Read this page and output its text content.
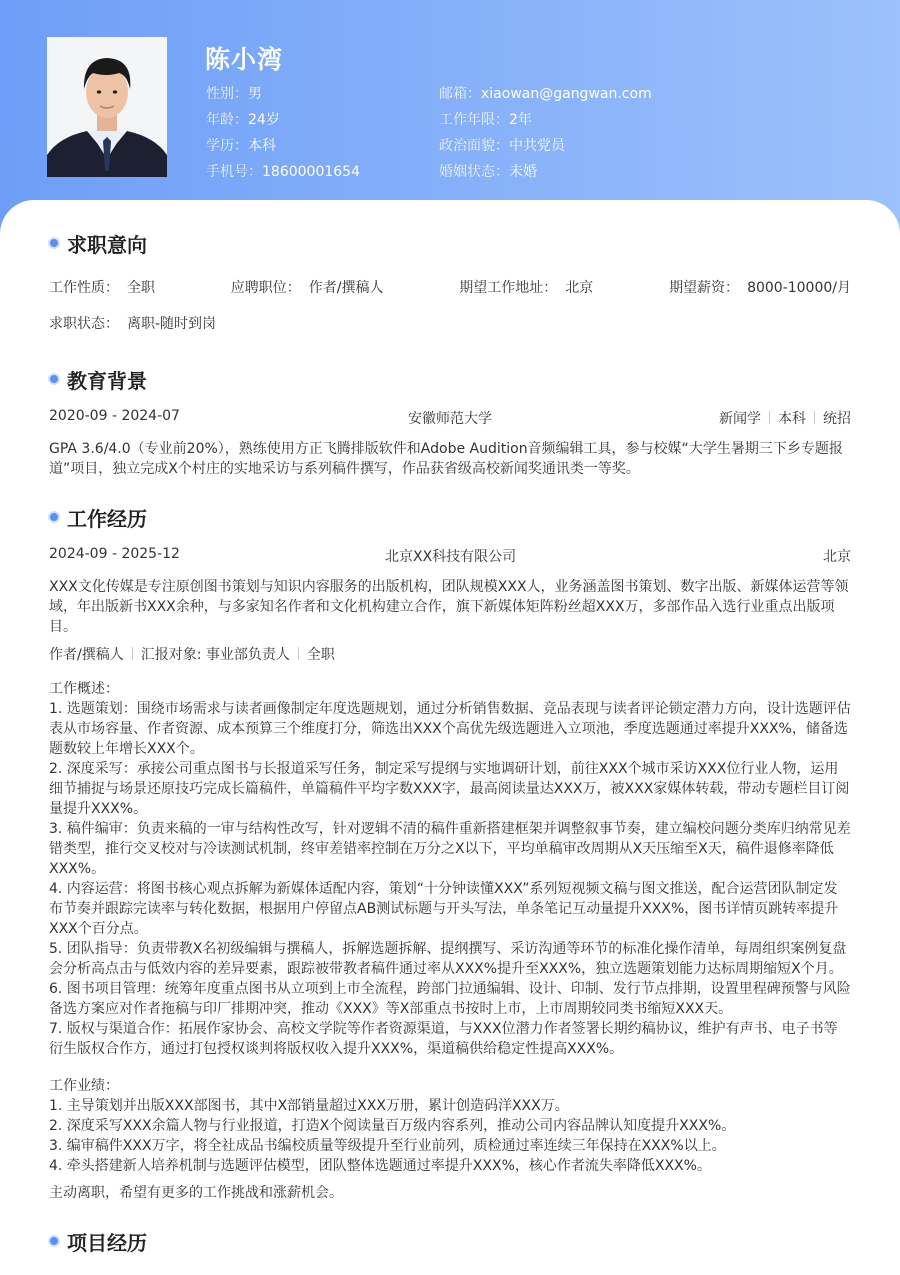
陈小湾
性别：男
年龄：24岁
学历：本科
手机号：18600001654
邮箱：xiaowan@gangwan.com
工作年限：2年
政治面貌：中共党员
婚姻状态：未婚
求职意向
工作性质： 全职	应聘职位： 作者/撰稿人	期望工作地址： 北京	期望薪资： 8000-10000/月
求职状态： 离职-随时到岗
教育背景
2020-09 - 2024-07	安徽师范大学	新闻学 本科 统招
GPA 3.6/4.0（专业前20%），熟练使用方正飞腾排版软件和Adobe Audition音频编辑工具，参与校媒“大学生暑期三下乡专题报道”项目，独立完成X个村庄的实地采访与系列稿件撰写，作品获省级高校新闻奖通讯类一等奖。
工作经历
2024-09 - 2025-12	北京XX科技有限公司	北京
XXX文化传媒是专注原创图书策划与知识内容服务的出版机构，团队规模XXX人，业务涵盖图书策划、数字出版、新媒体运营等领域，年出版新书XXX余种，与多家知名作者和文化机构建立合作，旗下新媒体矩阵粉丝超XXX万，多部作品入选行业重点出版项目。
作者/撰稿人 汇报对象: 事业部负责人 全职
工作概述：
1. 选题策划：围绕市场需求与读者画像制定年度选题规划，通过分析销售数据、竞品表现与读者评论锁定潜力方向，设计选题评估表从市场容量、作者资源、成本预算三个维度打分，筛选出XXX个高优先级选题进入立项池，季度选题通过率提升XXX%，储备选题数较上年增长XXX个。
2. 深度采写：承接公司重点图书与长报道采写任务，制定采写提纲与实地调研计划，前往XXX个城市采访XXX位行业人物，运用细节捕捉与场景还原技巧完成长篇稿件，单篇稿件平均字数XXX字，最高阅读量达XXX万，被XXX家媒体转载，带动专题栏目订阅量提升XXX%。
3. 稿件编审：负责来稿的一审与结构性改写，针对逻辑不清的稿件重新搭建框架并调整叙事节奏，建立编校问题分类库归纳常见差错类型，推行交叉校对与冷读测试机制，终审差错率控制在万分之X以下，平均单稿审改周期从X天压缩至X天，稿件退修率降低XXX%。
4. 内容运营：将图书核心观点拆解为新媒体适配内容，策划“十分钟读懂XXX”系列短视频文稿与图文推送，配合运营团队制定发布节奏并跟踪完读率与转化数据，根据用户停留点AB测试标题与开头写法，单条笔记互动量提升XXX%，图书详情页跳转率提升XXX个百分点。
5. 团队指导：负责带教X名初级编辑与撰稿人，拆解选题拆解、提纲撰写、采访沟通等环节的标准化操作清单，每周组织案例复盘会分析高点击与低效内容的差异要素，跟踪被带教者稿件通过率从XXX%提升至XXX%，独立选题策划能力达标周期缩短X个月。
6. 图书项目管理：统筹年度重点图书从立项到上市全流程，跨部门拉通编辑、设计、印制、发行节点排期，设置里程碑预警与风险备选方案应对作者拖稿与印厂排期冲突，推动《XXX》等X部重点书按时上市，上市周期较同类书缩短XXX天。
7. 版权与渠道合作：拓展作家协会、高校文学院等作者资源渠道，与XXX位潜力作者签署长期约稿协议，维护有声书、电子书等衍生版权合作方，通过打包授权谈判将版权收入提升XXX%，渠道稿供给稳定性提高XXX%。
工作业绩：
1. 主导策划并出版XXX部图书，其中X部销量超过XXX万册，累计创造码洋XXX万。
2. 深度采写XXX余篇人物与行业报道，打造X个阅读量百万级内容系列，推动公司内容品牌认知度提升XXX%。
3. 编审稿件XXX万字，将全社成品书编校质量等级提升至行业前列，质检通过率连续三年保持在XXX%以上。
4. 牵头搭建新人培养机制与选题评估模型，团队整体选题通过率提升XXX%，核心作者流失率降低XXX%。
主动离职，希望有更多的工作挑战和涨薪机会。
项目经历
